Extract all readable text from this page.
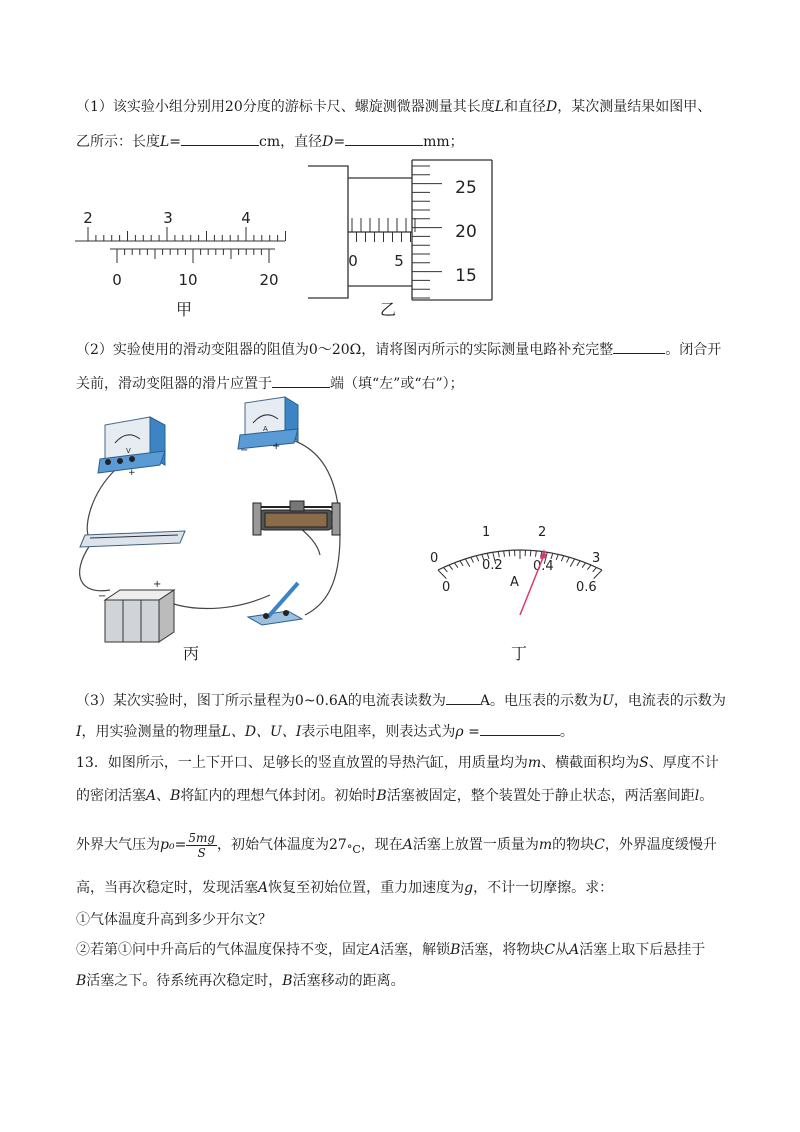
（1）该实验小组分别用20分度的游标卡尺、螺旋测微器测量其长度L和直径D，某次测量结果如图甲、
乙所示：长度L=	cm，直径D=	mm；
2	3	4
0	10	20
甲
0 5
25
20
15
乙
（2）实验使用的滑动变阻器的阻值为0～20Ω，请将图丙所示的实际测量电路补充完整	。闭合开
关前，滑动变阻器的滑片应置于	端（填“左”或“右”）；
V
+
A
− +
−
+
丙
0
1	2
3
0
0.2 0.4
0.6
A
丁
（3）某次实验时，图丁所示量程为0~0.6A的电流表读数为 A。电压表的示数为U，电流表的示数为
I，用实验测量的物理量L、D、U、I表示电阻率，则表达式为ρ =	。
13．如图所示，一上下开口、足够长的竖直放置的导热汽缸，用质量均为m、横截面积均为S、厚度不计
的密闭活塞A、B将缸内的理想气体封闭。初始时B活塞被固定，整个装置处于静止状态，两活塞间距l。
外界大气压为$p_0= \frac{5mg}{S}$ ，初始气体温度为$27_{^\circ C}$，现在A活塞上放置一质量为m的物块C，外界温度缓慢升
高，当再次稳定时，发现活塞A恢复至初始位置，重力加速度为g，不计一切摩擦。求：
①气体温度升高到多少开尔文？
②若第①问中升高后的气体温度保持不变，固定A活塞，解锁B活塞，将物块C从A活塞上取下后悬挂于
B活塞之下。待系统再次稳定时，B活塞移动的距离。
